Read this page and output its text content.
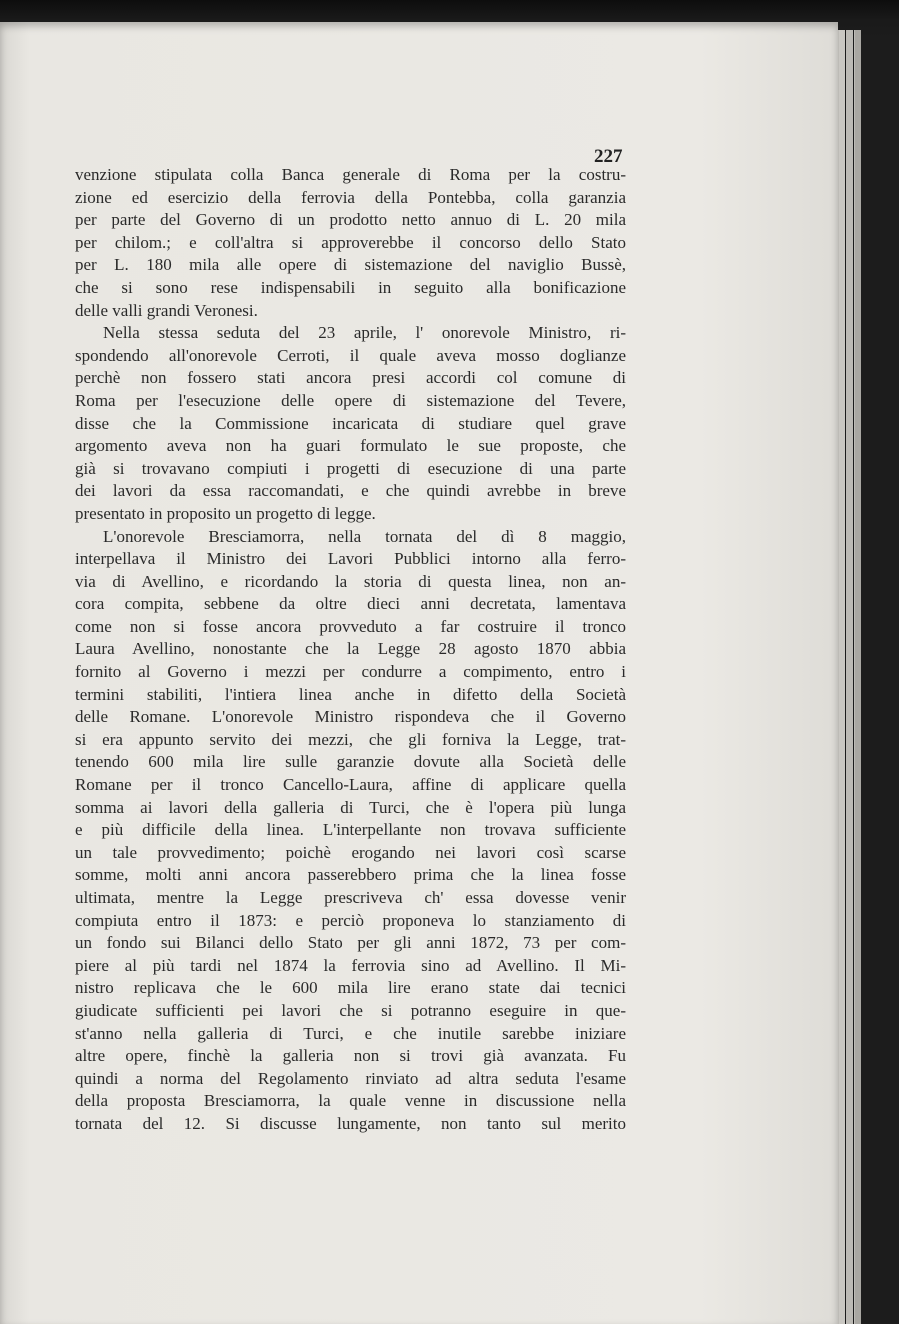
227
venzione stipulata colla Banca generale di Roma per la costru-
zione ed esercizio della ferrovia della Pontebba, colla garanzia
per parte del Governo di un prodotto netto annuo di L. 20 mila
per chilom.; e coll'altra si approverebbe il concorso dello Stato
per L. 180 mila alle opere di sistemazione del naviglio Bussè,
che si sono rese indispensabili in seguito alla bonificazione
delle valli grandi Veronesi.
Nella stessa seduta del 23 aprile, l' onorevole Ministro, ri-
spondendo all'onorevole Cerroti, il quale aveva mosso doglianze
perchè non fossero stati ancora presi accordi col comune di
Roma per l'esecuzione delle opere di sistemazione del Tevere,
disse che la Commissione incaricata di studiare quel grave
argomento aveva non ha guari formulato le sue proposte, che
già si trovavano compiuti i progetti di esecuzione di una parte
dei lavori da essa raccomandati, e che quindi avrebbe in breve
presentato in proposito un progetto di legge.
L'onorevole Bresciamorra, nella tornata del dì 8 maggio,
interpellava il Ministro dei Lavori Pubblici intorno alla ferro-
via di Avellino, e ricordando la storia di questa linea, non an-
cora compita, sebbene da oltre dieci anni decretata, lamentava
come non si fosse ancora provveduto a far costruire il tronco
Laura Avellino, nonostante che la Legge 28 agosto 1870 abbia
fornito al Governo i mezzi per condurre a compimento, entro i
termini stabiliti, l'intiera linea anche in difetto della Società
delle Romane. L'onorevole Ministro rispondeva che il Governo
si era appunto servito dei mezzi, che gli forniva la Legge, trat-
tenendo 600 mila lire sulle garanzie dovute alla Società delle
Romane per il tronco Cancello-Laura, affine di applicare quella
somma ai lavori della galleria di Turci, che è l'opera più lunga
e più difficile della linea. L'interpellante non trovava sufficiente
un tale provvedimento; poichè erogando nei lavori così scarse
somme, molti anni ancora passerebbero prima che la linea fosse
ultimata, mentre la Legge prescriveva ch' essa dovesse venir
compiuta entro il 1873: e perciò proponeva lo stanziamento di
un fondo sui Bilanci dello Stato per gli anni 1872, 73 per com-
piere al più tardi nel 1874 la ferrovia sino ad Avellino. Il Mi-
nistro replicava che le 600 mila lire erano state dai tecnici
giudicate sufficienti pei lavori che si potranno eseguire in que-
st'anno nella galleria di Turci, e che inutile sarebbe iniziare
altre opere, finchè la galleria non si trovi già avanzata. Fu
quindi a norma del Regolamento rinviato ad altra seduta l'esame
della proposta Bresciamorra, la quale venne in discussione nella
tornata del 12. Si discusse lungamente, non tanto sul merito
